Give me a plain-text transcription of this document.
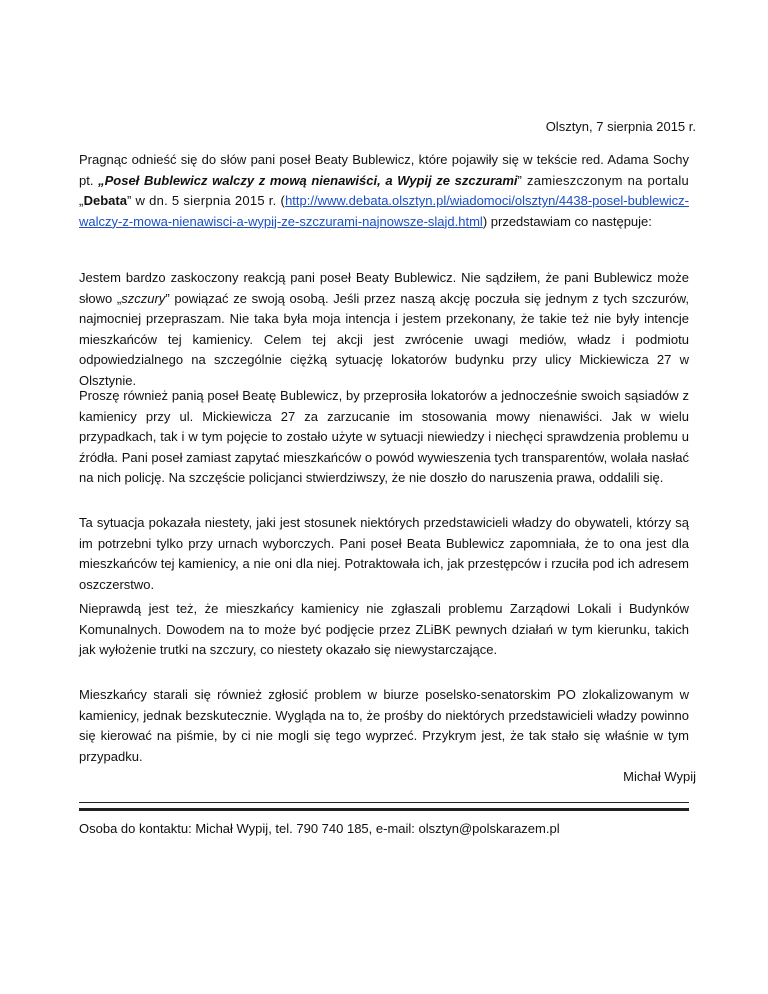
Olsztyn, 7 sierpnia 2015 r.

Pragnąc odnieść się do słów pani poseł Beaty Bublewicz, które pojawiły się w tekście red. Adama Sochy pt. „Poseł Bublewicz walczy z mową nienawiści, a Wypij ze szczurami” zamieszczonym na portalu „Debata” w dn. 5 sierpnia 2015 r. (http://www.debata.olsztyn.pl/wiadomoci/olsztyn/4438-posel-bublewicz-walczy-z-mowa-nienawisci-a-wypij-ze-szczurami-najnowsze-slajd.html) przedstawiam co następuje:

Jestem bardzo zaskoczony reakcją pani poseł Beaty Bublewicz. Nie sądziłem, że pani Bublewicz może słowo „szczury” powiązać ze swoją osobą. Jeśli przez naszą akcję poczuła się jednym z tych szczurów, najmocniej przepraszam. Nie taka była moja intencja i jestem przekonany, że takie też nie były intencje mieszkańców tej kamienicy. Celem tej akcji jest zwrócenie uwagi mediów, władz i podmiotu odpowiedzialnego na szczególnie ciężką sytuację lokatorów budynku przy ulicy Mickiewicza 27 w Olsztynie.

Proszę również panią poseł Beatę Bublewicz, by przeprosiła lokatorów a jednocześnie swoich sąsiadów z kamienicy przy ul. Mickiewicza 27 za zarzucanie im stosowania mowy nienawiści. Jak w wielu przypadkach, tak i w tym pojęcie to zostało użyte w sytuacji niewiedzy i niechęci sprawdzenia problemu u źródła. Pani poseł zamiast zapytać mieszkańców o powód wywieszenia tych transparentów, wolała nasłać na nich policję. Na szczęście policjanci stwierdziwszy, że nie doszło do naruszenia prawa, oddalili się.

Ta sytuacja pokazała niestety, jaki jest stosunek niektórych przedstawicieli władzy do obywateli, którzy są im potrzebni tylko przy urnach wyborczych. Pani poseł Beata Bublewicz zapomniała, że to ona jest dla mieszkańców tej kamienicy, a nie oni dla niej. Potraktowała ich, jak przestępców i rzuciła pod ich adresem oszczerstwo.

Nieprawdą jest też, że mieszkańcy kamienicy nie zgłaszali problemu Zarządowi Lokali i Budynków Komunalnych. Dowodem na to może być podjęcie przez ZLiBK pewnych działań w tym kierunku, takich jak wyłożenie trutki na szczury, co niestety okazało się niewystarczające.

Mieszkańcy starali się również zgłosić problem w biurze poselsko-senatorskim PO zlokalizowanym w kamienicy, jednak bezskutecznie. Wygląda na to, że prośby do niektórych przedstawicieli władzy powinno się kierować na piśmie, by ci nie mogli się tego wyprzeć. Przykrym jest, że tak stało się właśnie w tym przypadku.

Michał Wypij
Osoba do kontaktu: Michał Wypij, tel. 790 740 185, e-mail: olsztyn@polskarazem.pl
